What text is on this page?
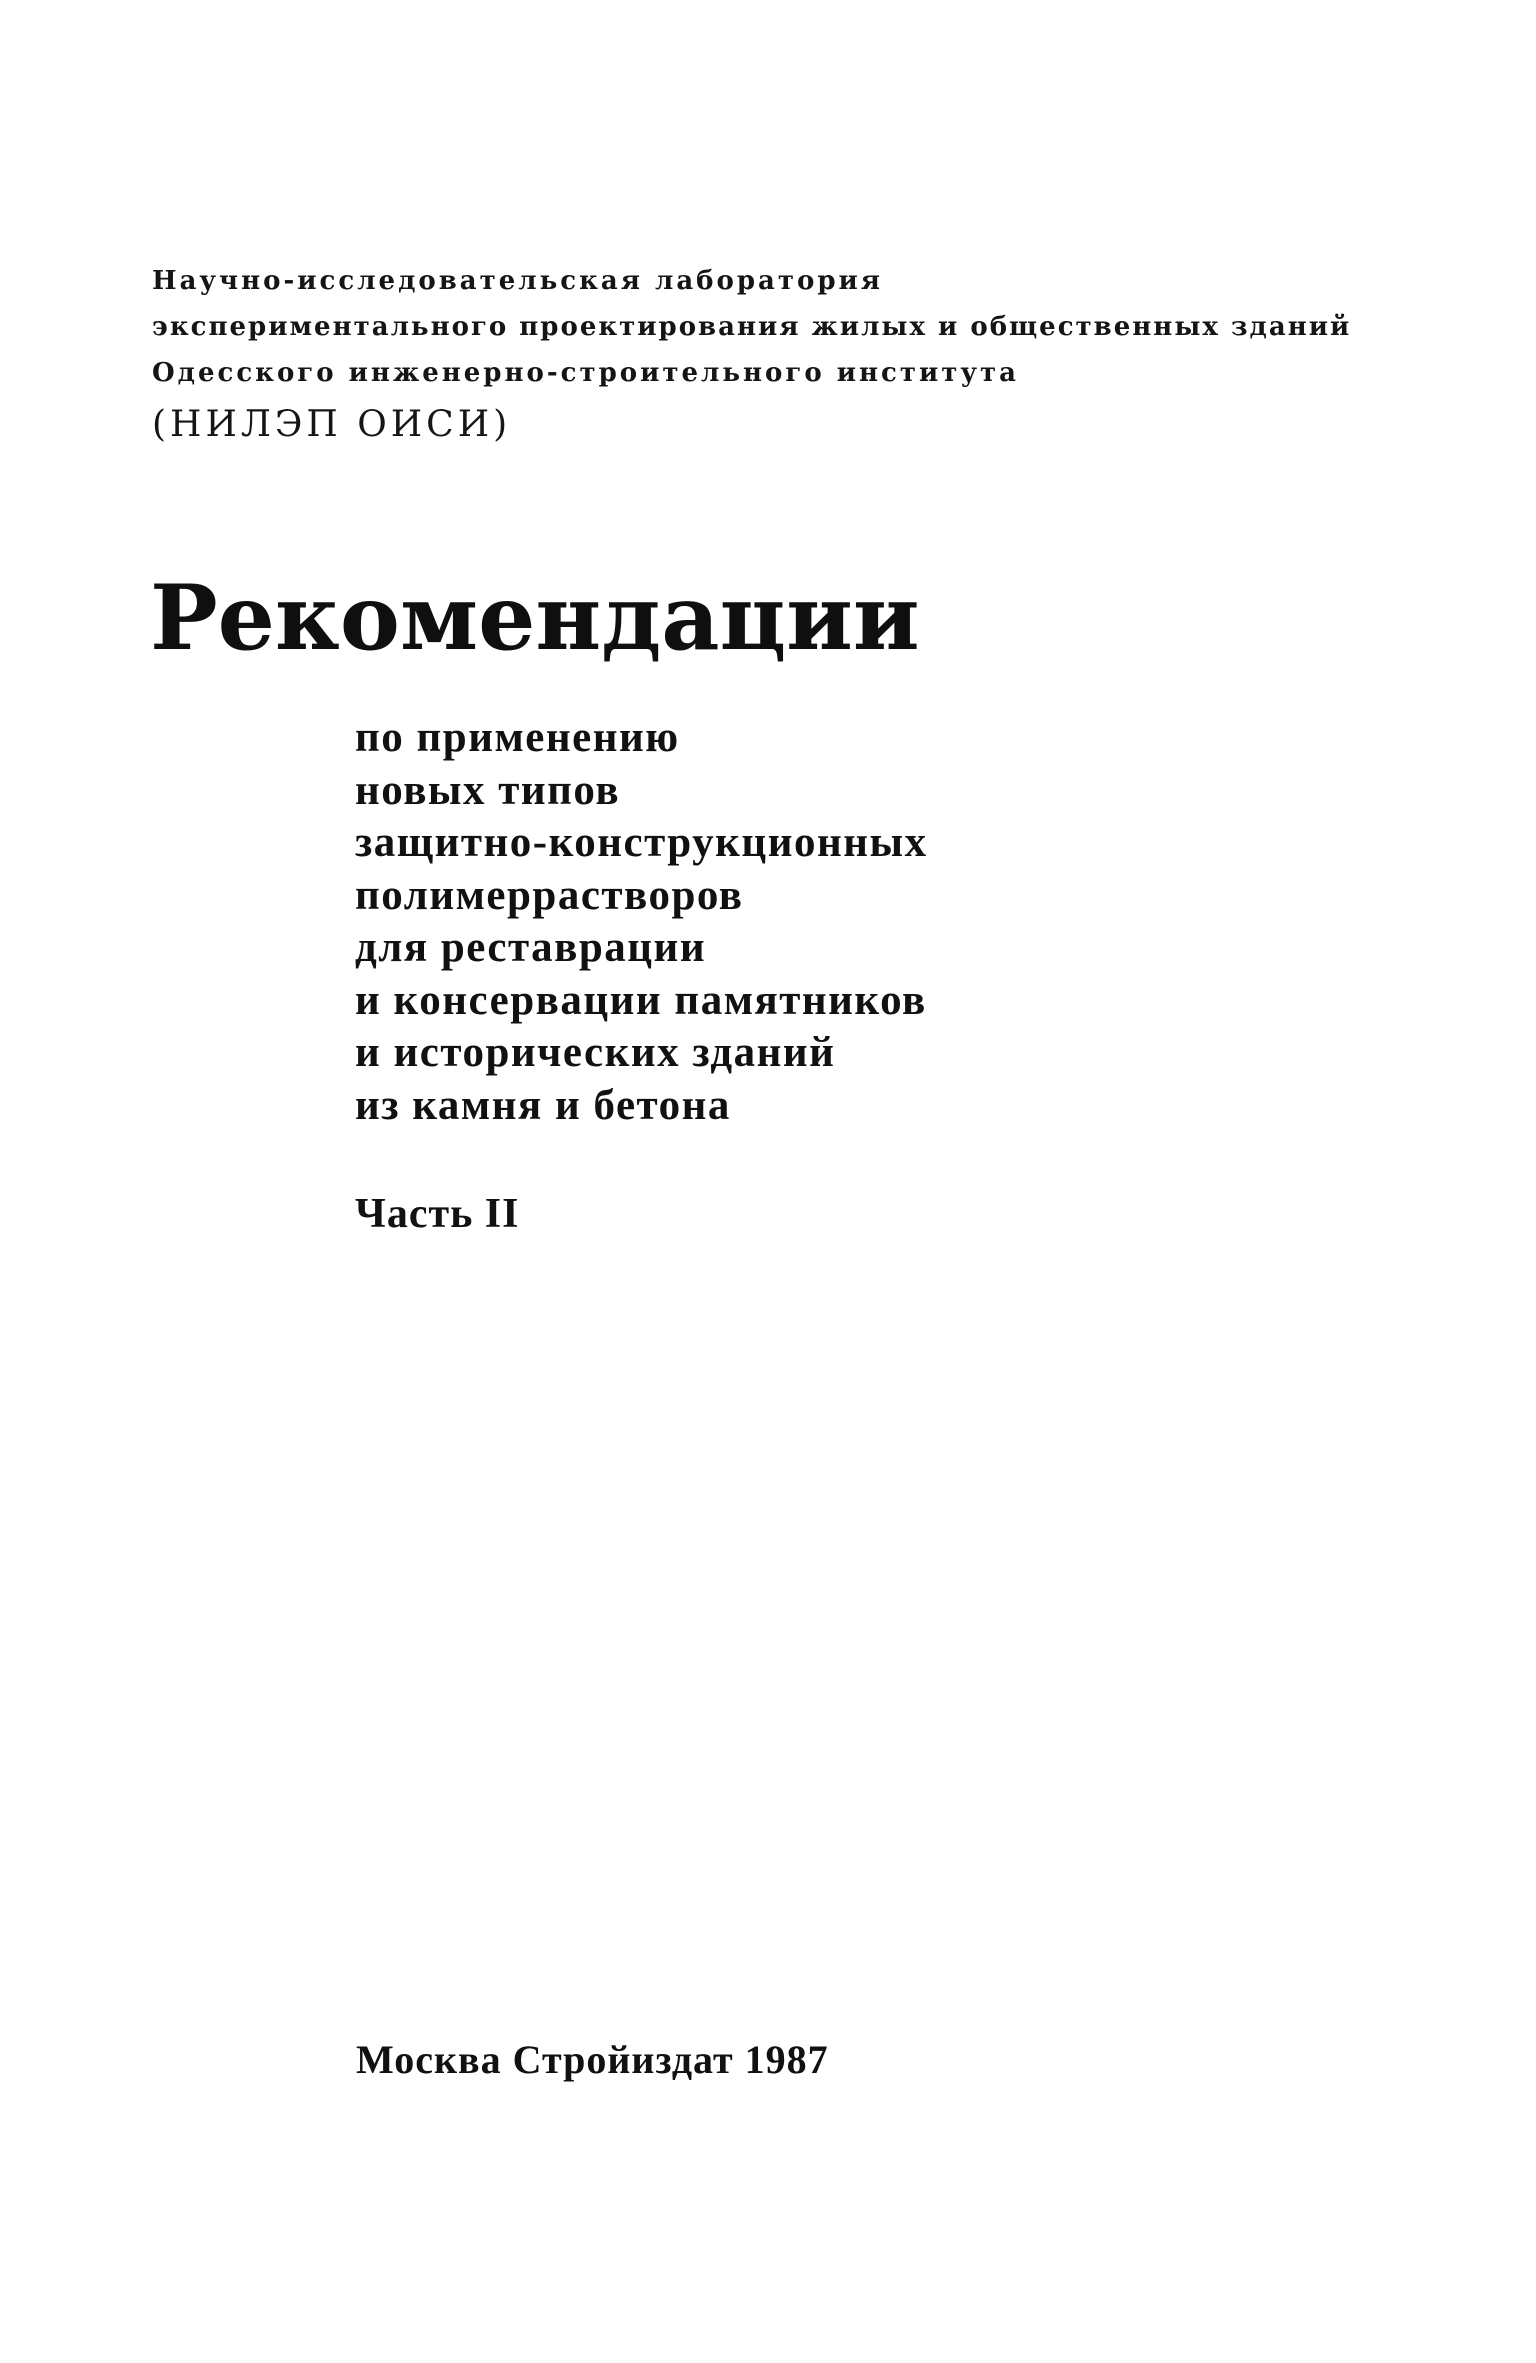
Научно-исследовательская лаборатория
экспериментального проектирования жилых и общественных зданий
Одесского инженерно-строительного института
(НИЛЭП ОИСИ)
Рекомендации
по применению
новых типов
защитно-конструкционных
полимеррастворов
для реставрации
и консервации памятников
и исторических зданий
из камня и бетона
Часть II
Москва Стройиздат 1987
